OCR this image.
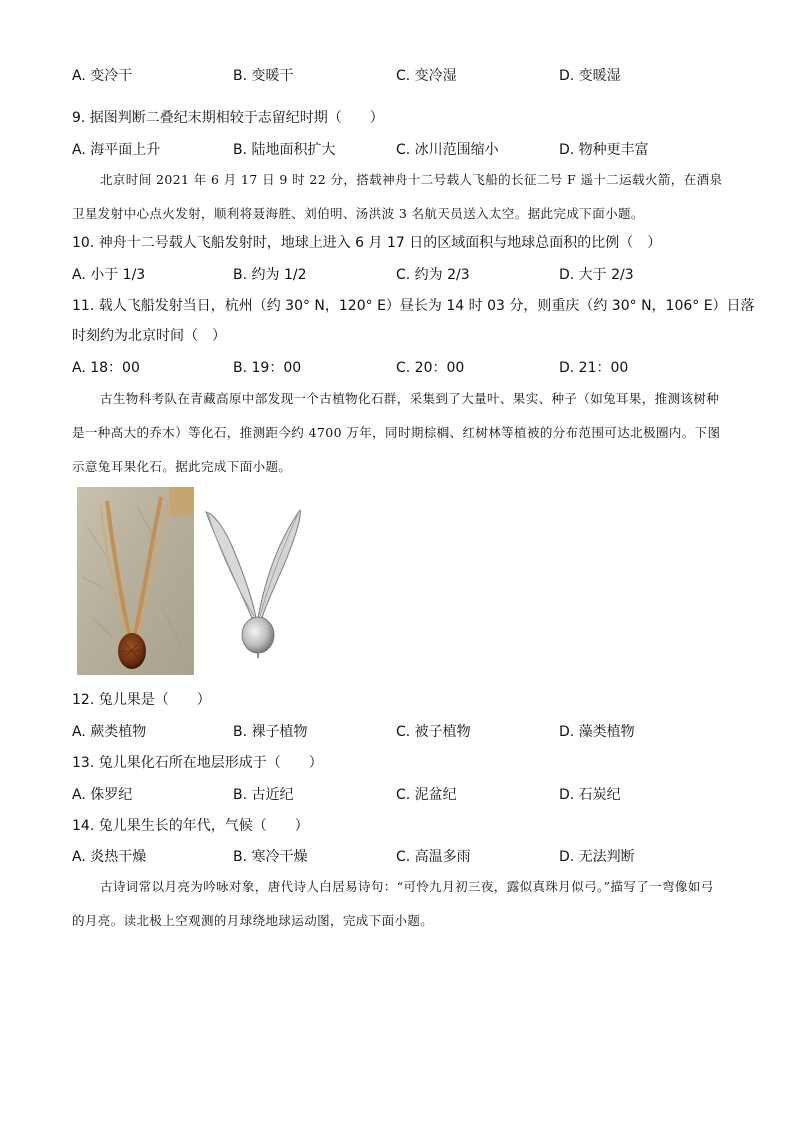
A. 变冷干	B. 变暖干	C. 变冷湿	D. 变暖湿
9. 据图判断二叠纪末期相较于志留纪时期（　　）
A. 海平面上升	B. 陆地面积扩大	C. 冰川范围缩小	D. 物种更丰富
北京时间 2021 年 6 月 17 日 9 时 22 分，搭载神舟十二号载人飞船的长征二号 F 遥十二运载火箭，在酒泉卫星发射中心点火发射，顺利将聂海胜、刘伯明、汤洪波 3 名航天员送入太空。据此完成下面小题。
10. 神舟十二号载人飞船发射时，地球上进入 6 月 17 日的区域面积与地球总面积的比例（　）
A. 小于 1/3	B. 约为 1/2	C. 约为 2/3	D. 大于 2/3
11. 载人飞船发射当日，杭州（约 30° N，120° E）昼长为 14 时 03 分，则重庆（约 30° N，106° E）日落
时刻约为北京时间（　）
A. 18：00	B. 19：00	C. 20：00	D. 21：00
古生物科考队在青藏高原中部发现一个古植物化石群，采集到了大量叶、果实、种子（如兔耳果，推测该树种是一种高大的乔木）等化石，推测距今约 4700 万年，同时期棕榈、红树林等植被的分布范围可达北极圈内。下图示意兔耳果化石。据此完成下面小题。
12. 兔儿果是（　　）
A. 蕨类植物	B. 裸子植物	C. 被子植物	D. 藻类植物
13. 兔儿果化石所在地层形成于（　　）
A. 侏罗纪	B. 古近纪	C. 泥盆纪	D. 石炭纪
14. 兔儿果生长的年代，气候（　　）
A. 炎热干燥	B. 寒冷干燥	C. 高温多雨	D. 无法判断
古诗词常以月亮为吟咏对象，唐代诗人白居易诗句：“可怜九月初三夜，露似真珠月似弓。”描写了一弯像如弓的月亮。读北极上空观测的月球绕地球运动图，完成下面小题。
